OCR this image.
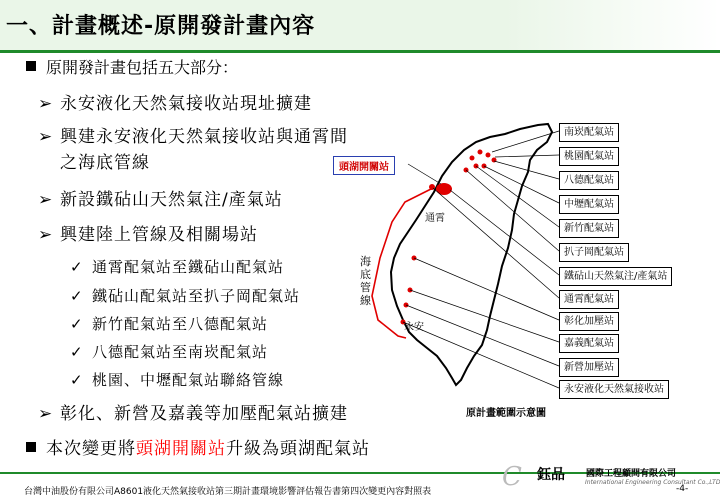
一、計畫概述-原開發計畫內容
原開發計畫包括五大部分：
➢ 永安液化天然氣接收站現址擴建
➢ 興建永安液化天然氣接收站與通霄間
之海底管線
➢ 新設鐵砧山天然氣注/產氣站
➢ 興建陸上管線及相關場站
✓ 通霄配氣站至鐵砧山配氣站
✓ 鐵砧山配氣站至扒子岡配氣站
✓ 新竹配氣站至八德配氣站
✓ 八德配氣站至南崁配氣站
✓ 桃園、中壢配氣站聯絡管線
➢ 彰化、新營及嘉義等加壓配氣站擴建
本次變更將頭湖開關站升級為頭湖配氣站
頭湖開關站
通霄
永安
海底管線
南崁配氣站
桃園配氣站
八德配氣站
中壢配氣站
新竹配氣站
扒子岡配氣站
鐵砧山天然氣注/產氣站
通霄配氣站
彰化加壓站
嘉義配氣站
新營加壓站
永安液化天然氣接收站
原計畫範圍示意圖
台灣中油股份有限公司A8601液化天然氣接收站第三期計畫環境影響評估報告書第四次變更內容對照表	C 鈺品 國際工程顧問有限公司
International Engineering Consultant Co.,LTD
-4-
